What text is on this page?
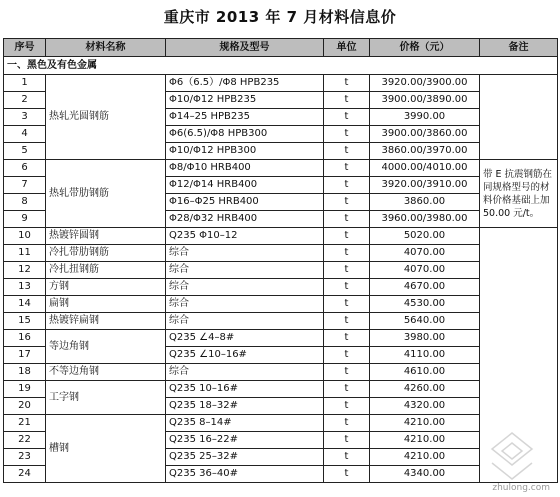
重庆市 2013 年 7 月材料信息价
序号	材料名称	规格及型号	单位	价格（元）	备注
一、黑色及有色金属					
1	热轧光圆钢筋	Φ6（6.5）/Φ8 HPB235	t	3920.00/3900.00	
2		Φ10/Φ12 HPB235	t	3900.00/3890.00	
3		Φ14–25 HPB235	t	3990.00	
4		Φ6(6.5)/Φ8 HPB300	t	3900.00/3860.00	
5		Φ10/Φ12 HPB300	t	3860.00/3970.00	
6	热轧带肋钢筋	Φ8/Φ10 HRB400	t	4000.00/4010.00	带 E 抗震钢筋在同规格型号的材料价格基础上加 50.00 元/t。
7		Φ12/Φ14 HRB400	t	3920.00/3910.00	
8		Φ16–Φ25 HRB400	t	3860.00	
9		Φ28/Φ32 HRB400	t	3960.00/3980.00	
10	热镀锌圆钢	Q235 Φ10–12	t	5020.00	
11	冷扎带肋钢筋	综合	t	4070.00	
12	冷扎扭钢筋	综合	t	4070.00	
13	方钢	综合	t	4670.00	
14	扁钢	综合	t	4530.00	
15	热镀锌扁钢	综合	t	5640.00	
16	等边角钢	Q235 ∠4–8#	t	3980.00	
17		Q235 ∠10–16#	t	4110.00	
18	不等边角钢	综合	t	4610.00	
19	工字钢	Q235 10–16#	t	4260.00	
20		Q235 18–32#	t	4320.00	
21	槽钢	Q235 8–14#	t	4210.00	
22		Q235 16–22#	t	4210.00	
23		Q235 25–32#	t	4210.00	
24		Q235 36–40#	t	4340.00	
zhulong.com
